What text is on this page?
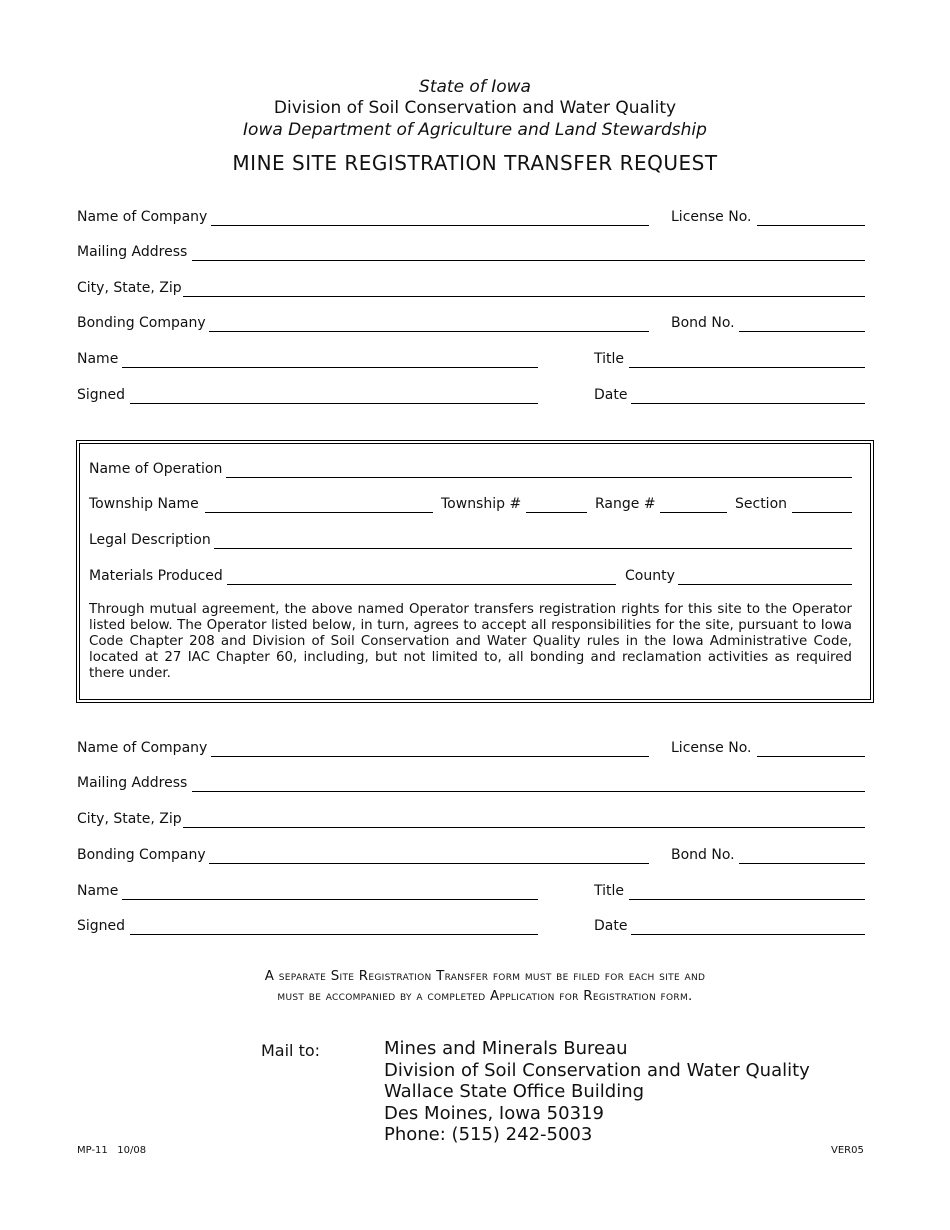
State of Iowa
Division of Soil Conservation and Water Quality
Iowa Department of Agriculture and Land Stewardship
MINE SITE REGISTRATION TRANSFER REQUEST
Name of Company	License No.
Mailing Address
City, State, Zip
Bonding Company	Bond No.
Name	Title
Signed	Date
Name of Operation
Township Name	Township #	Range #	Section
Legal Description
Materials Produced	County
Through mutual agreement, the above named Operator transfers registration rights for this site to the Operator listed below. The Operator listed below, in turn, agrees to accept all responsibilities for the site, pursuant to Iowa Code Chapter 208 and Division of Soil Conservation and Water Quality rules in the Iowa Administrative Code, located at 27 IAC Chapter 60, including, but not limited to, all bonding and reclamation activities as required there under.
Name of Company	License No.
Mailing Address
City, State, Zip
Bonding Company	Bond No.
Name	Title
Signed	Date
A separate Site Registration Transfer form must be filed for each site and
must be accompanied by a completed Application for Registration form.
Mail to:	Mines and Minerals Bureau
Division of Soil Conservation and Water Quality
Wallace State Office Building
Des Moines, Iowa 50319
Phone: (515) 242-5003
MP-11   10/08	VER05
